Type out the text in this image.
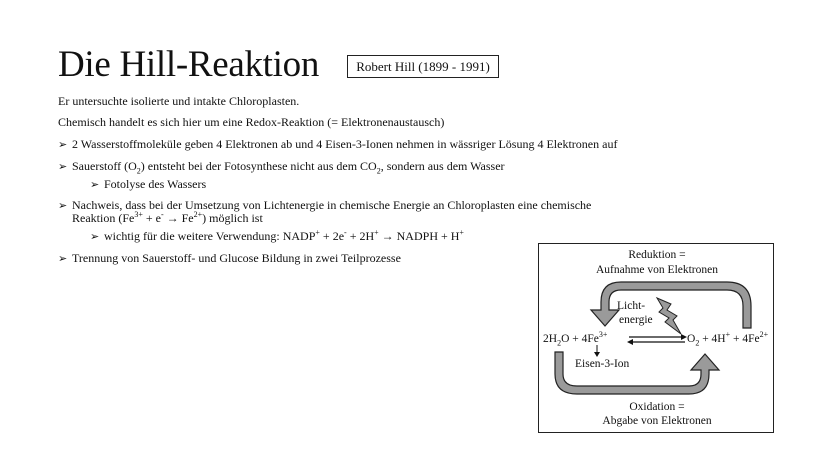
Die Hill-Reaktion	Robert Hill (1899 - 1991)
Er untersuchte isolierte und intakte Chloroplasten.
Chemisch handelt es sich hier um eine Redox-Reaktion (= Elektronenaustausch)
➢ 2 Wasserstoffmoleküle geben 4 Elektronen ab und 4 Eisen-3-Ionen nehmen in wässriger Lösung 4 Elektronen auf
➢ Sauerstoff $(O_2)$ entsteht bei der Fotosynthese nicht aus dem $CO_2$, sondern aus dem Wasser
➢ Fotolyse des Wassers
➢ Nachweis, dass bei der Umsetzung von Lichtenergie in chemische Energie an Chloroplasten eine chemische
Reaktion $(Fe^{3+} + e^- \to Fe^{2+})$ möglich ist
➢ wichtig für die weitere Verwendung: NADP+ + 2e- + 2H+ → NADPH + H+
➢ Trennung von Sauerstoff- und Glucose Bildung in zwei Teilprozesse	Reduktion =
Aufnahme von Elektronen
Licht-
energie
$2H_2O + 4Fe^{3+}$	$O_2 + 4H^+ + 4Fe^{2+}$
Eisen-3-Ion
Oxidation =
Abgabe von Elektronen
